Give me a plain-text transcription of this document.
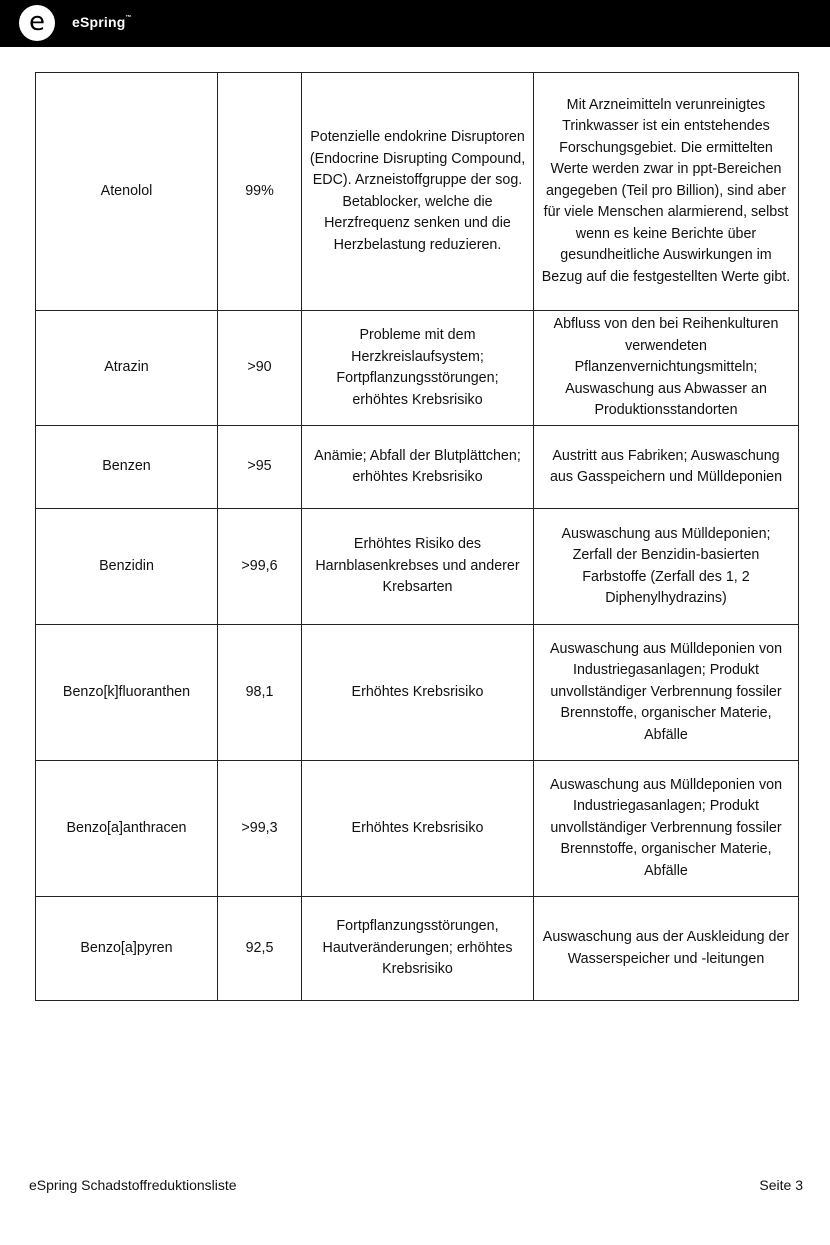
e	eSpring™
Atenolol	99%	Potenzielle endokrine Disruptoren (Endocrine Disrupting Compound, EDC). Arzneistoffgruppe der sog. Betablocker, welche die Herzfrequenz senken und die Herzbelastung reduzieren.	Mit Arzneimitteln verunreinigtes Trinkwasser ist ein entstehendes Forschungsgebiet. Die ermittelten Werte werden zwar in ppt-Bereichen angegeben (Teil pro Billion), sind aber für viele Menschen alarmierend, selbst wenn es keine Berichte über gesundheitliche Auswirkungen im Bezug auf die festgestellten Werte gibt.
Atrazin	>90	Probleme mit dem Herzkreislaufsystem; Fortpflanzungsstörungen; erhöhtes Krebsrisiko	Abfluss von den bei Reihenkulturen verwendeten Pflanzenvernichtungsmitteln; Auswaschung aus Abwasser an Produktionsstandorten
Benzen	>95	Anämie; Abfall der Blutplättchen; erhöhtes Krebsrisiko	Austritt aus Fabriken; Auswaschung aus Gasspeichern und Mülldeponien
Benzidin	>99,6	Erhöhtes Risiko des Harnblasenkrebses und anderer Krebsarten	Auswaschung aus Mülldeponien; Zerfall der Benzidin-basierten Farbstoffe (Zerfall des 1, 2 Diphenylhydrazins)
Benzo[k]fluoranthen	98,1	Erhöhtes Krebsrisiko	Auswaschung aus Mülldeponien von Industriegasanlagen; Produkt unvollständiger Verbrennung fossiler Brennstoffe, organischer Materie, Abfälle
Benzo[a]anthracen	>99,3	Erhöhtes Krebsrisiko	Auswaschung aus Mülldeponien von Industriegasanlagen; Produkt unvollständiger Verbrennung fossiler Brennstoffe, organischer Materie, Abfälle
Benzo[a]pyren	92,5	Fortpflanzungsstörungen, Hautveränderungen; erhöhtes Krebsrisiko	Auswaschung aus der Auskleidung der Wasserspeicher und -leitungen
eSpring Schadstoffreduktionsliste	Seite 3
